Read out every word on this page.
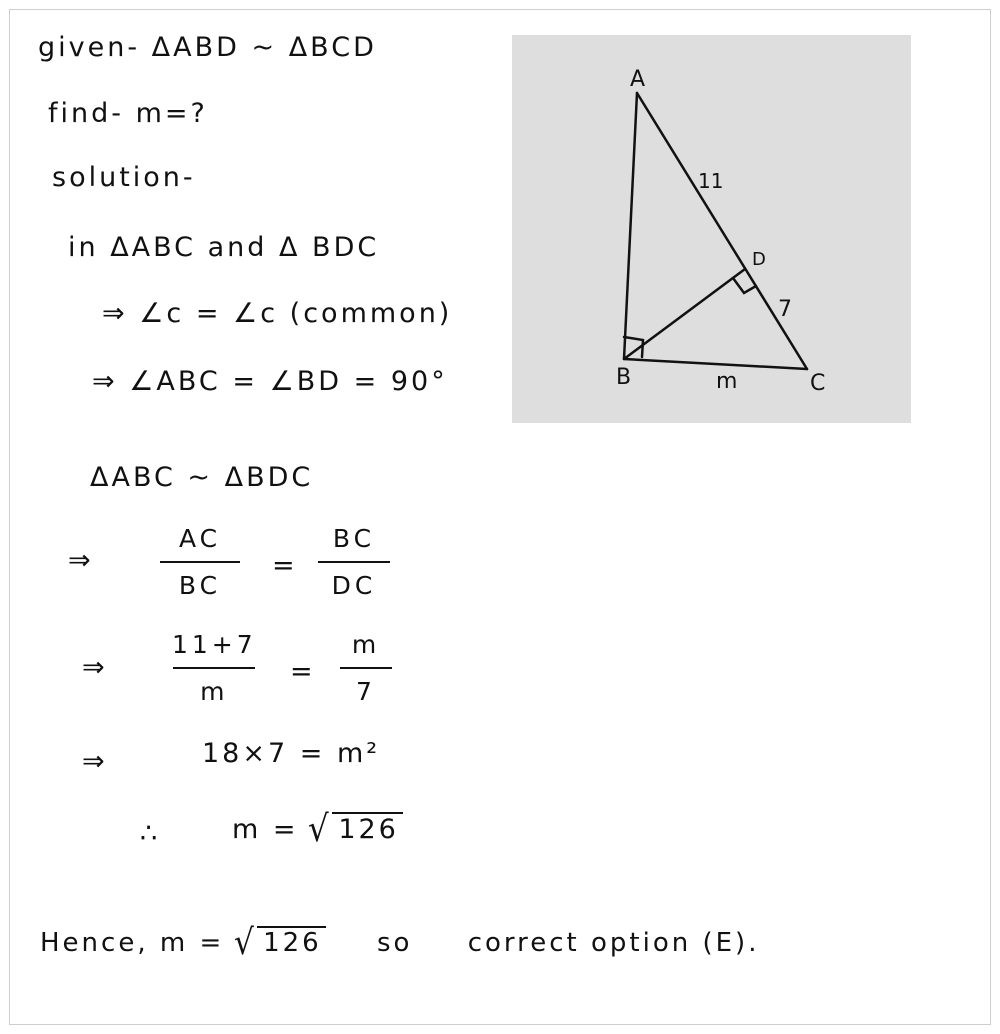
given- ΔABD ~ ΔBCD
find- m=?
solution-
in ΔABC and Δ BDC
⇒ ∠c = ∠c (common)
⇒ ∠ABC = ∠BD = 90°
ΔABC ~ ΔBDC
⇒
AC
BC
=
BC
DC
⇒
11+7
m
=
m
7
⇒	18×7 = m²
∴	m = √ 126
Hence, m = √ 126 so correct option (E).
A
B	C
D
11
7
m
